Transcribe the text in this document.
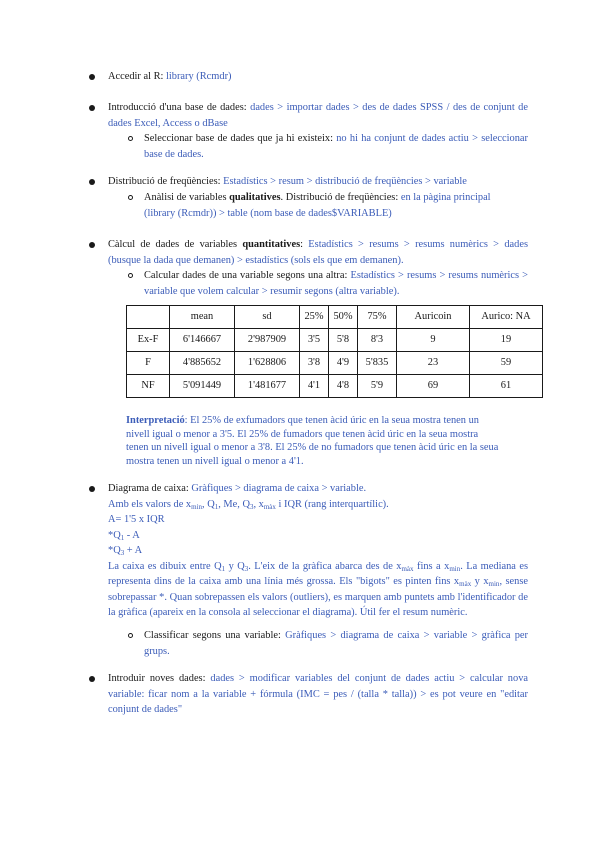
Accedir al R: library (Rcmdr)
Introducció d'una base de dades: dades > importar dades > des de dades SPSS / des de conjunt de dades Excel, Access o dBase
Seleccionar base de dades que ja hi existeix: no hi ha conjunt de dades actiu > seleccionar base de dades.
Distribució de freqüències: Estadístics > resum > distribució de freqüències > variable
Anàlisi de variables qualitatives. Distribució de freqüències: en la pàgina principal
(library (Rcmdr)) > table (nom base de dades$VARIABLE)
Càlcul de dades de variables quantitatives: Estadístics > resums > resums numèrics > dades (busque la dada que demanen) > estadístics (sols els que em demanen).
Calcular dades de una variable segons una altra: Estadístics > resums > resums numèrics > variable que volem calcular > resumir segons (altra variable).
	mean	sd	25%	50%	75%	Auricoin	Aurico: NA
Ex-F	6'146667	2'987909	3'5	5'8	8'3	9	19
F	4'885652	1'628806	3'8	4'9	5'835	23	59
NF	5'091449	1'481677	4'1	4'8	5'9	69	61
Interpretació: El 25% de exfumadors que tenen àcid úric en la seua mostra tenen un
nivell igual o menor a 3'5. El 25% de fumadors que tenen àcid úric en la seua mostra
tenen un nivell igual o menor a 3'8. El 25% de no fumadors que tenen àcid úric en la seua
mostra tenen un nivell igual o menor a 4'1.
Diagrama de caixa: Gràfiques > diagrama de caixa > variable.
Amb els valors de $x_{min}$, $Q_1$, Me, $Q_3$, $x_{màx}$ i IQR (rang interquartílic).
A= 1'5 x IQR
$*Q_1$ - A
$*Q_3 + A$
La caixa es dibuix entre $Q_1$ y $Q_3$. L'eix de la gràfica abarca des de $x_{màx}$ fins a $x_{min}$. La mediana es representa dins de la caixa amb una línia més grossa. Els "bigots" es pinten fins $x_{màx}$ y $x_{min}$, sense sobrepassar *. Quan sobrepassen els valors (outliers), es marquen amb puntets amb l'identificador de la gràfica (apareix en la consola al seleccionar el diagrama). Útil fer el resum numèric.
Classificar segons una variable: Gràfiques > diagrama de caixa > variable > gràfica per grups.
Introduir noves dades: dades > modificar variables del conjunt de dades actiu > calcular nova variable: ficar nom a la variable + fórmula (IMC = pes / (talla * talla)) > es pot veure en "editar conjunt de dades"
